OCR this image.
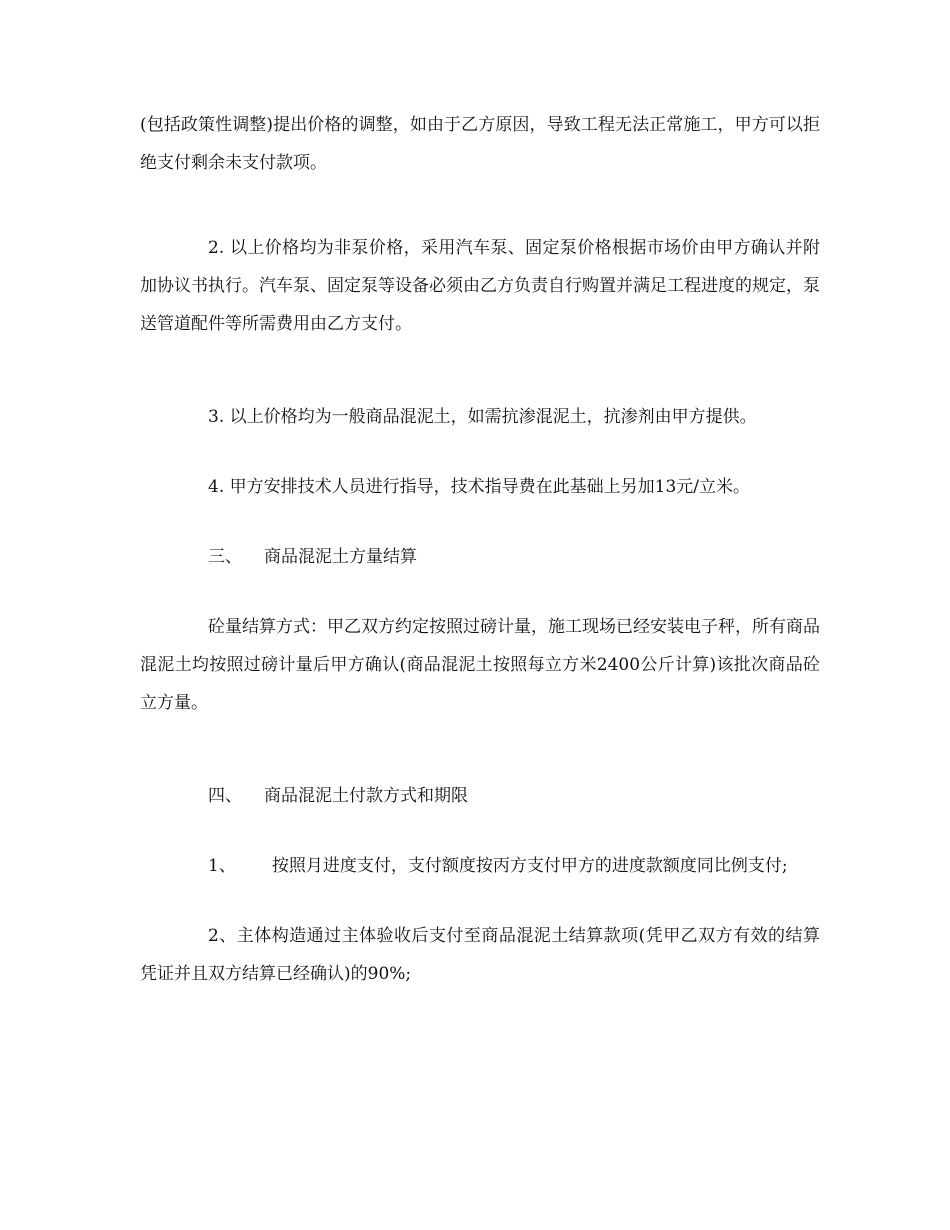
(包括政策性调整)提出价格的调整，如由于乙方原因，导致工程无法正常施工，甲方可以拒绝支付剩余未支付款项。

2. 以上价格均为非泵价格，采用汽车泵、固定泵价格根据市场价由甲方确认并附加协议书执行。汽车泵、固定泵等设备必须由乙方负责自行购置并满足工程进度的规定，泵送管道配件等所需费用由乙方支付。

3. 以上价格均为一般商品混泥土，如需抗渗混泥土，抗渗剂由甲方提供。

4. 甲方安排技术人员进行指导，技术指导费在此基础上另加13元/立米。

三、 商品混泥土方量结算

砼量结算方式：甲乙双方约定按照过磅计量，施工现场已经安装电子秤，所有商品混泥土均按照过磅计量后甲方确认(商品混泥土按照每立方米2400公斤计算)该批次商品砼立方量。

四、 商品混泥土付款方式和期限

1、 按照月进度支付，支付额度按丙方支付甲方的进度款额度同比例支付;

2、主体构造通过主体验收后支付至商品混泥土结算款项(凭甲乙双方有效的结算凭证并且双方结算已经确认)的90%;
